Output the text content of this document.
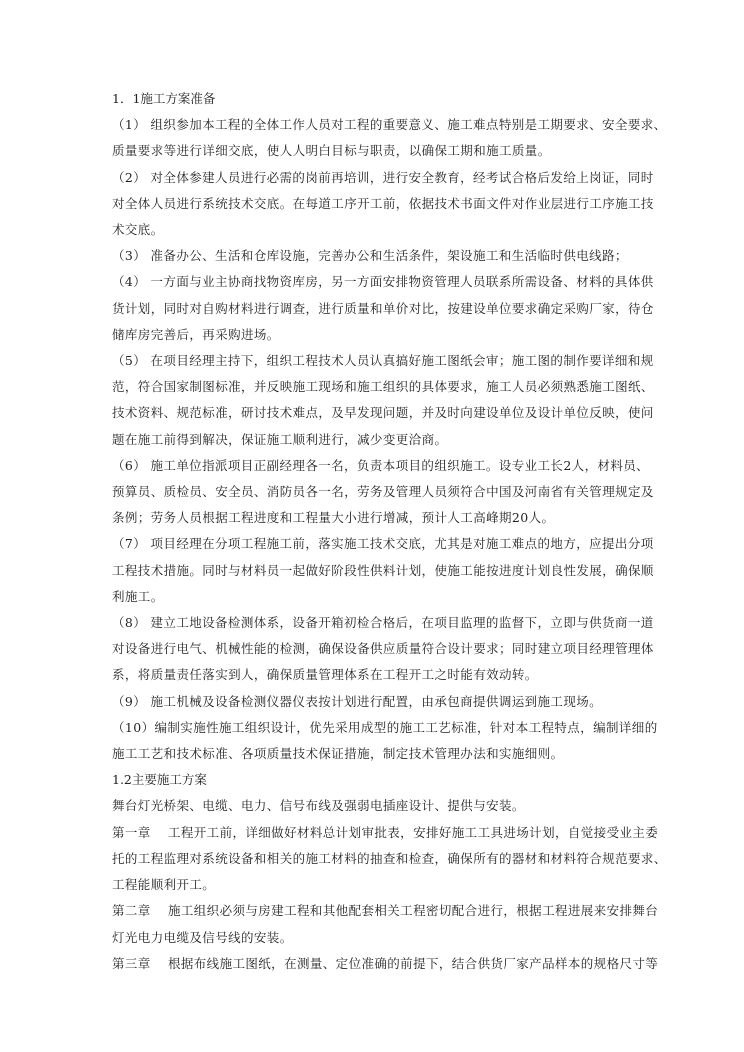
1．1施工方案准备
（1） 组织参加本工程的全体工作人员对工程的重要意义、施工难点特别是工期要求、安全要求、
质量要求等进行详细交底，使人人明白目标与职责，以确保工期和施工质量。
（2） 对全体参建人员进行必需的岗前再培训，进行安全教育，经考试合格后发给上岗证，同时
对全体人员进行系统技术交底。在每道工序开工前，依据技术书面文件对作业层进行工序施工技
术交底。
（3） 准备办公、生活和仓库设施，完善办公和生活条件，架设施工和生活临时供电线路；
（4） 一方面与业主协商找物资库房，另一方面安排物资管理人员联系所需设备、材料的具体供
货计划，同时对自购材料进行调查，进行质量和单价对比，按建设单位要求确定采购厂家，待仓
储库房完善后，再采购进场。
（5） 在项目经理主持下，组织工程技术人员认真搞好施工图纸会审；施工图的制作要详细和规
范，符合国家制图标准，并反映施工现场和施工组织的具体要求，施工人员必须熟悉施工图纸、
技术资料、规范标准，研讨技术难点，及早发现问题，并及时向建设单位及设计单位反映，使问
题在施工前得到解决，保证施工顺利进行，减少变更洽商。
（6） 施工单位指派项目正副经理各一名，负责本项目的组织施工。设专业工长2人，材料员、
预算员、质检员、安全员、消防员各一名，劳务及管理人员须符合中国及河南省有关管理规定及
条例；劳务人员根据工程进度和工程量大小进行增减，预计人工高峰期20人。
（7） 项目经理在分项工程施工前，落实施工技术交底，尤其是对施工难点的地方，应提出分项
工程技术措施。同时与材料员一起做好阶段性供料计划，使施工能按进度计划良性发展，确保顺
利施工。
（8） 建立工地设备检测体系，设备开箱初检合格后，在项目监理的监督下，立即与供货商一道
对设备进行电气、机械性能的检测，确保设备供应质量符合设计要求；同时建立项目经理管理体
系，将质量责任落实到人，确保质量管理体系在工程开工之时能有效动转。
（9） 施工机械及设备检测仪器仪表按计划进行配置，由承包商提供调运到施工现场。
（10）编制实施性施工组织设计，优先采用成型的施工工艺标准，针对本工程特点，编制详细的
施工工艺和技术标准、各项质量技术保证措施，制定技术管理办法和实施细则。
1.2主要施工方案
舞台灯光桥架、电缆、电力、信号布线及强弱电插座设计、提供与安装。
第一章　 工程开工前，详细做好材料总计划审批表，安排好施工工具进场计划，自觉接受业主委
托的工程监理对系统设备和相关的施工材料的抽查和检查，确保所有的器材和材料符合规范要求、
工程能顺利开工。
第二章　 施工组织必须与房建工程和其他配套相关工程密切配合进行，根据工程进展来安排舞台
灯光电力电缆及信号线的安装。
第三章　 根据布线施工图纸，在测量、定位准确的前提下，结合供货厂家产品样本的规格尺寸等
